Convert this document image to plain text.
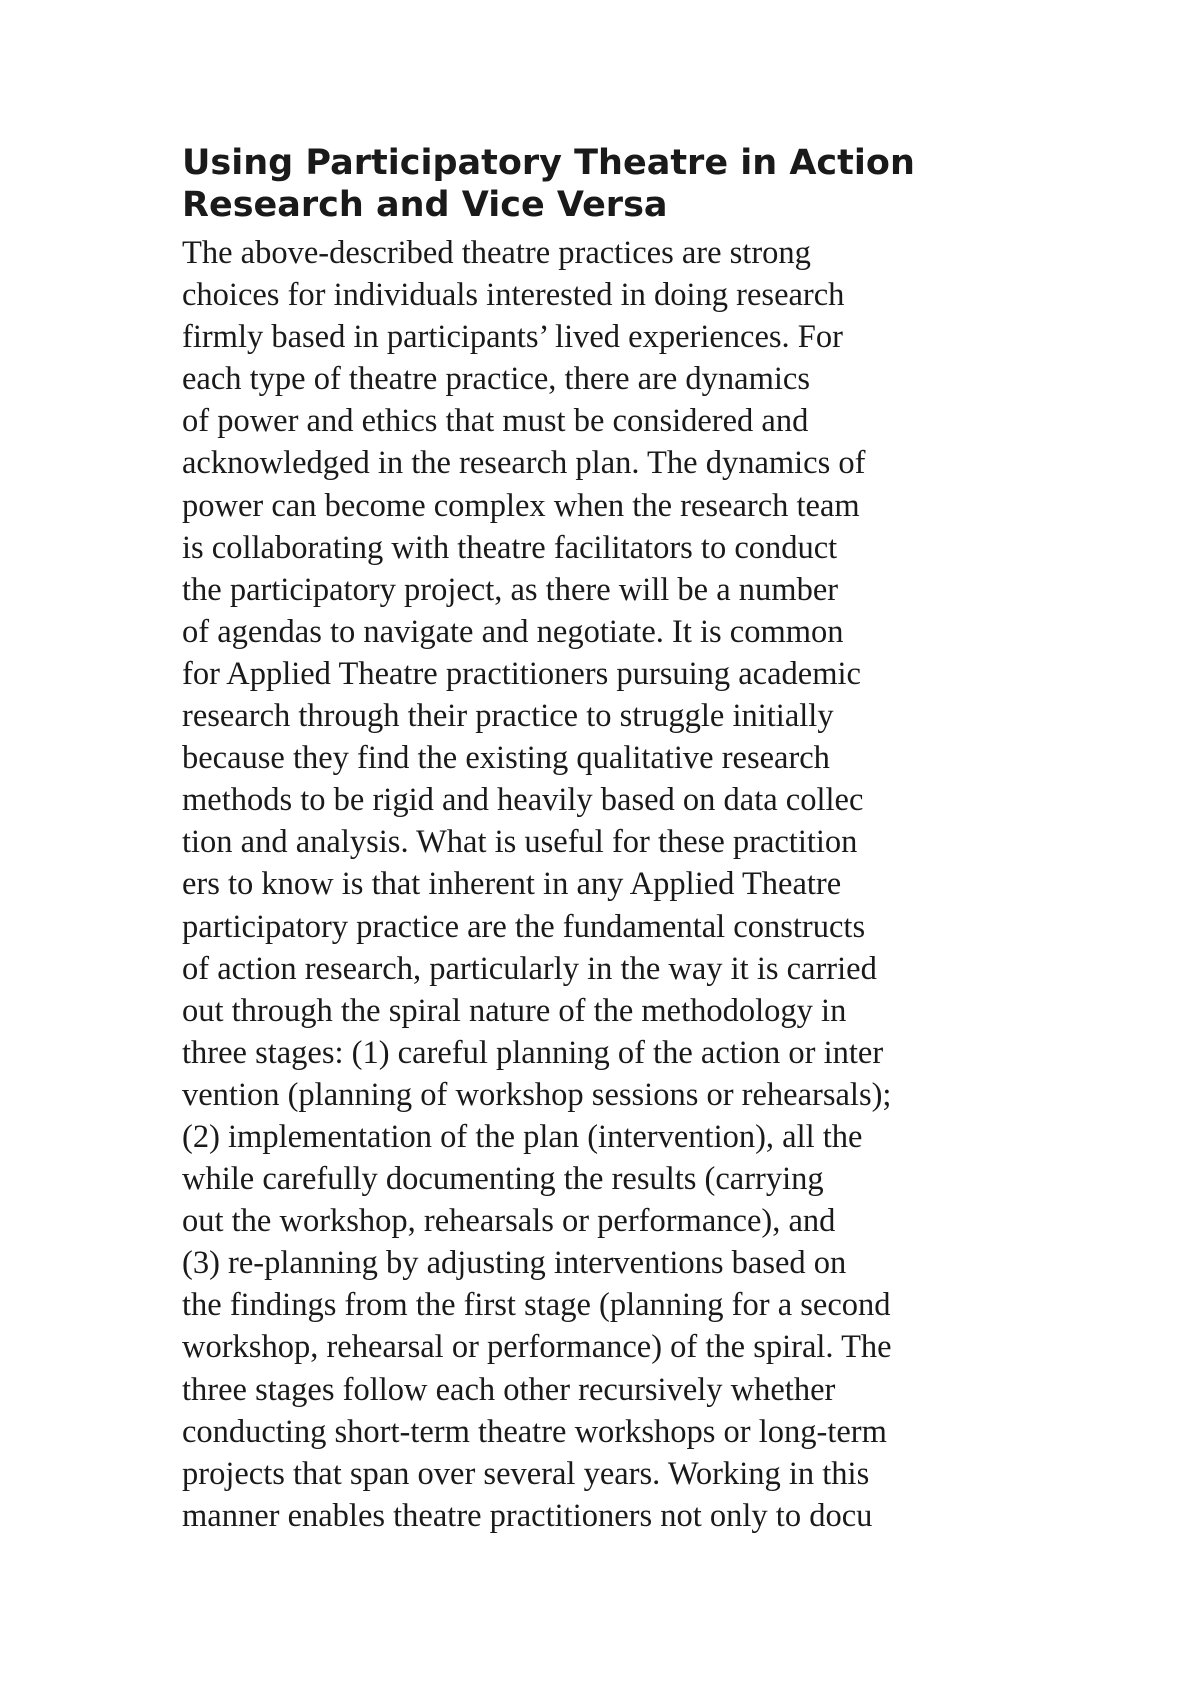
Using Participatory Theatre in Action
Research and Vice Versa
The above-described theatre practices are strong
choices for individuals interested in doing research
firmly based in participants’ lived experiences. For
each type of theatre practice, there are dynamics
of power and ethics that must be considered and
acknowledged in the research plan. The dynamics of
power can become complex when the research team
is collaborating with theatre facilitators to conduct
the participatory project, as there will be a number
of agendas to navigate and negotiate. It is common
for Applied Theatre practitioners pursuing academic
research through their practice to struggle initially
because they find the existing qualitative research
methods to be rigid and heavily based on data collec
tion and analysis. What is useful for these practition
ers to know is that inherent in any Applied Theatre
participatory practice are the fundamental constructs
of action research, particularly in the way it is carried
out through the spiral nature of the methodology in
three stages: (1) careful planning of the action or inter
vention (planning of workshop sessions or rehearsals);
(2) implementation of the plan (intervention), all the
while carefully documenting the results (carrying
out the workshop, rehearsals or performance), and
(3) re-planning by adjusting interventions based on
the findings from the first stage (planning for a second
workshop, rehearsal or performance) of the spiral. The
three stages follow each other recursively whether
conducting short-term theatre workshops or long-term
projects that span over several years. Working in this
manner enables theatre practitioners not only to docu
